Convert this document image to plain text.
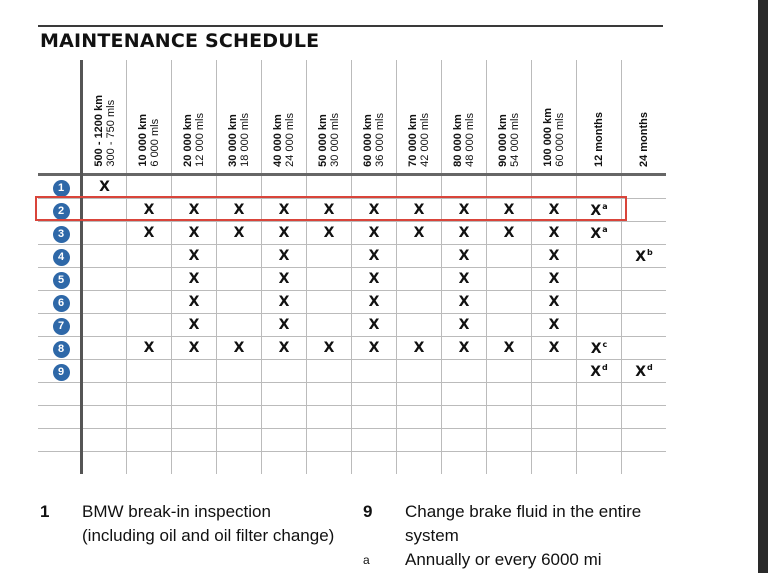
MAINTENANCE SCHEDULE

	500 - 1200 km 300 - 750 mls	10 000 km 6 000 mls	20 000 km 12 000 mls	30 000 km 18 000 mls	40 000 km 24 000 mls	50 000 km 30 000 mls	60 000 km 36 000 mls	70 000 km 42 000 mls	80 000 km 48 000 mls	90 000 km 54 000 mls	100 000 km 60 000 mls	12 months	24 months

1	X												
2		X	X	X	X	X	X	X	X	X	X	$X^a$	
3		X	X	X	X	X	X	X	X	X	X	$X^a$	
4			X		X		X		X		X		$X^b$
5			X		X		X		X		X		
6			X		X		X		X		X		
7			X		X		X		X		X		
8		X	X	X	X	X	X	X	X	X	X	$X^c$	
9												$X^d$	$X^d$

1 BMW break-in inspection (including oil and oil filter change)
9 Change brake fluid in the entire system
a Annually or every 6000 mi
